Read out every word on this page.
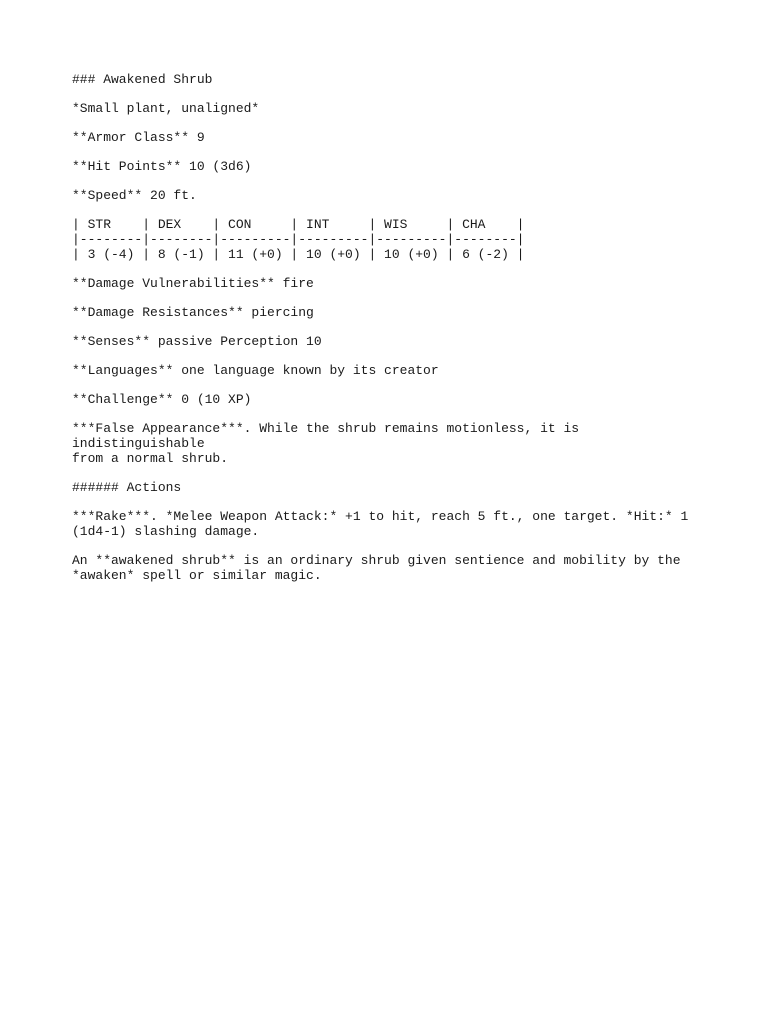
### Awakened Shrub
*Small plant, unaligned*
**Armor Class** 9
**Hit Points** 10 (3d6)
**Speed** 20 ft.
| STR    | DEX    | CON     | INT     | WIS     | CHA    |
|--------|--------|---------|---------|---------|--------|
| 3 (-4) | 8 (-1) | 11 (+0) | 10 (+0) | 10 (+0) | 6 (-2) |
**Damage Vulnerabilities** fire
**Damage Resistances** piercing
**Senses** passive Perception 10
**Languages** one language known by its creator
**Challenge** 0 (10 XP)
***False Appearance***. While the shrub remains motionless, it is indistinguishable
from a normal shrub.
###### Actions
***Rake***. *Melee Weapon Attack:* +1 to hit, reach 5 ft., one target. *Hit:* 1
(1d4-1) slashing damage.
An **awakened shrub** is an ordinary shrub given sentience and mobility by the
*awaken* spell or similar magic.
